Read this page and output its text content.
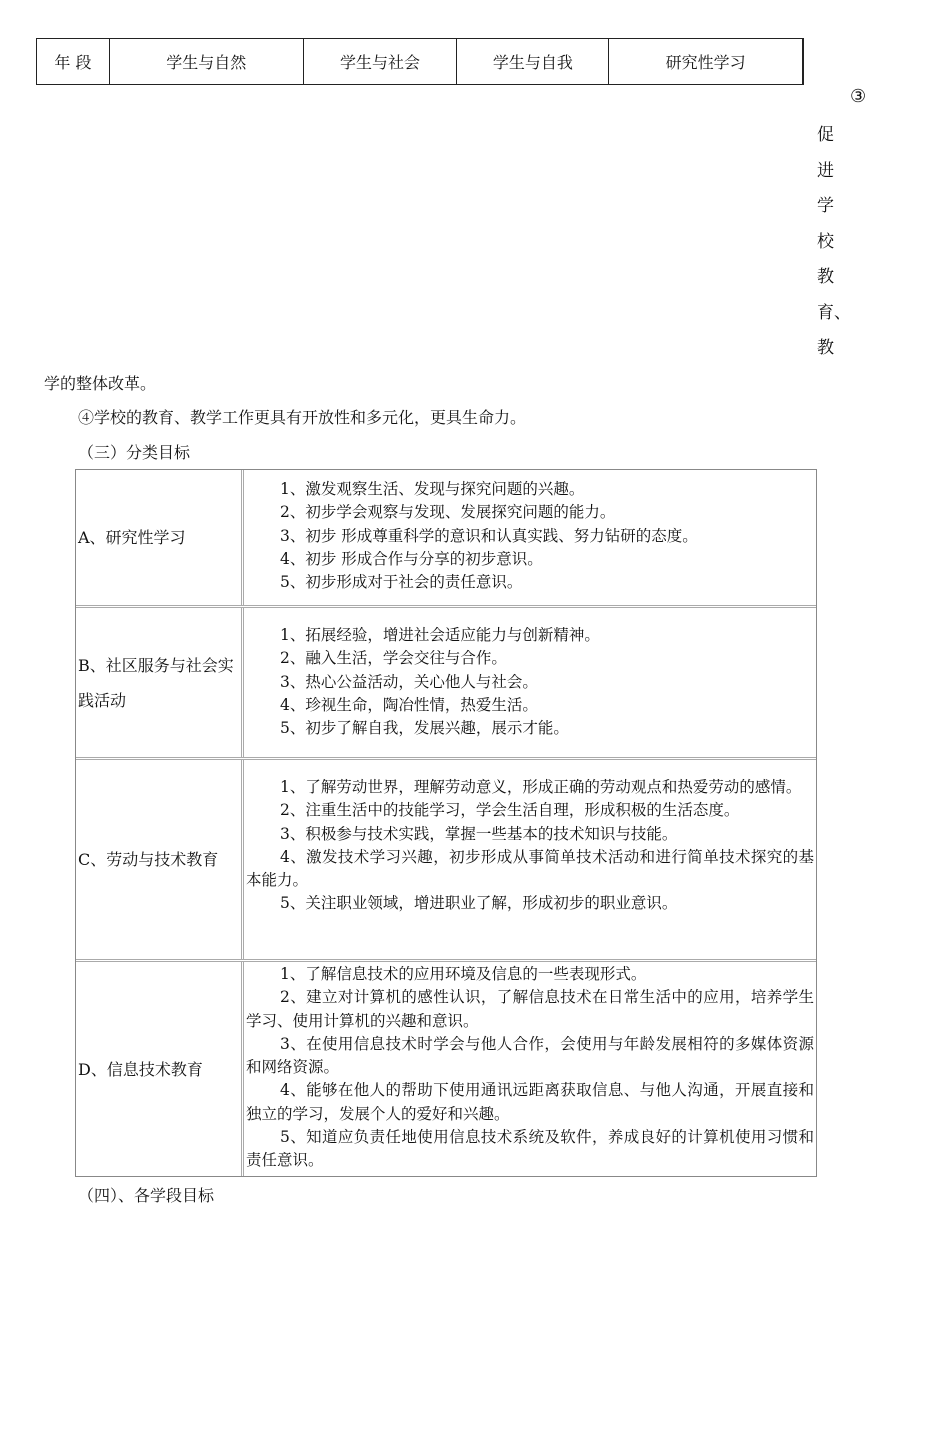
年 段	学生与自然	学生与社会	学生与自我	研究性学习
③
促
进
学
校
教
育、
教
学的整体改革。
④学校的教育、教学工作更具有开放性和多元化，更具生命力。
（三）分类目标
A、研究性学习
1、激发观察生活、发现与探究问题的兴趣。
2、初步学会观察与发现、发展探究问题的能力。
3、初步 形成尊重科学的意识和认真实践、努力钻研的态度。
4、初步 形成合作与分享的初步意识。
5、初步形成对于社会的责任意识。
B、社区服务与社会实践活动
1、拓展经验，增进社会适应能力与创新精神。
2、融入生活，学会交往与合作。
3、热心公益活动，关心他人与社会。
4、珍视生命，陶冶性情，热爱生活。
5、初步了解自我，发展兴趣，展示才能。
C、劳动与技术教育
1、了解劳动世界，理解劳动意义，形成正确的劳动观点和热爱劳动的感情。
2、注重生活中的技能学习，学会生活自理，形成积极的生活态度。
3、积极参与技术实践，掌握一些基本的技术知识与技能。
4、激发技术学习兴趣，初步形成从事简单技术活动和进行简单技术探究的基本能力。
5、关注职业领域，增进职业了解，形成初步的职业意识。
D、信息技术教育
1、了解信息技术的应用环境及信息的一些表现形式。
2、建立对计算机的感性认识，了解信息技术在日常生活中的应用，培养学生学习、使用计算机的兴趣和意识。
3、在使用信息技术时学会与他人合作，会使用与年龄发展相符的多媒体资源和网络资源。
4、能够在他人的帮助下使用通讯远距离获取信息、与他人沟通，开展直接和独立的学习，发展个人的爱好和兴趣。
5、知道应负责任地使用信息技术系统及软件，养成良好的计算机使用习惯和责任意识。
（四）、各学段目标
